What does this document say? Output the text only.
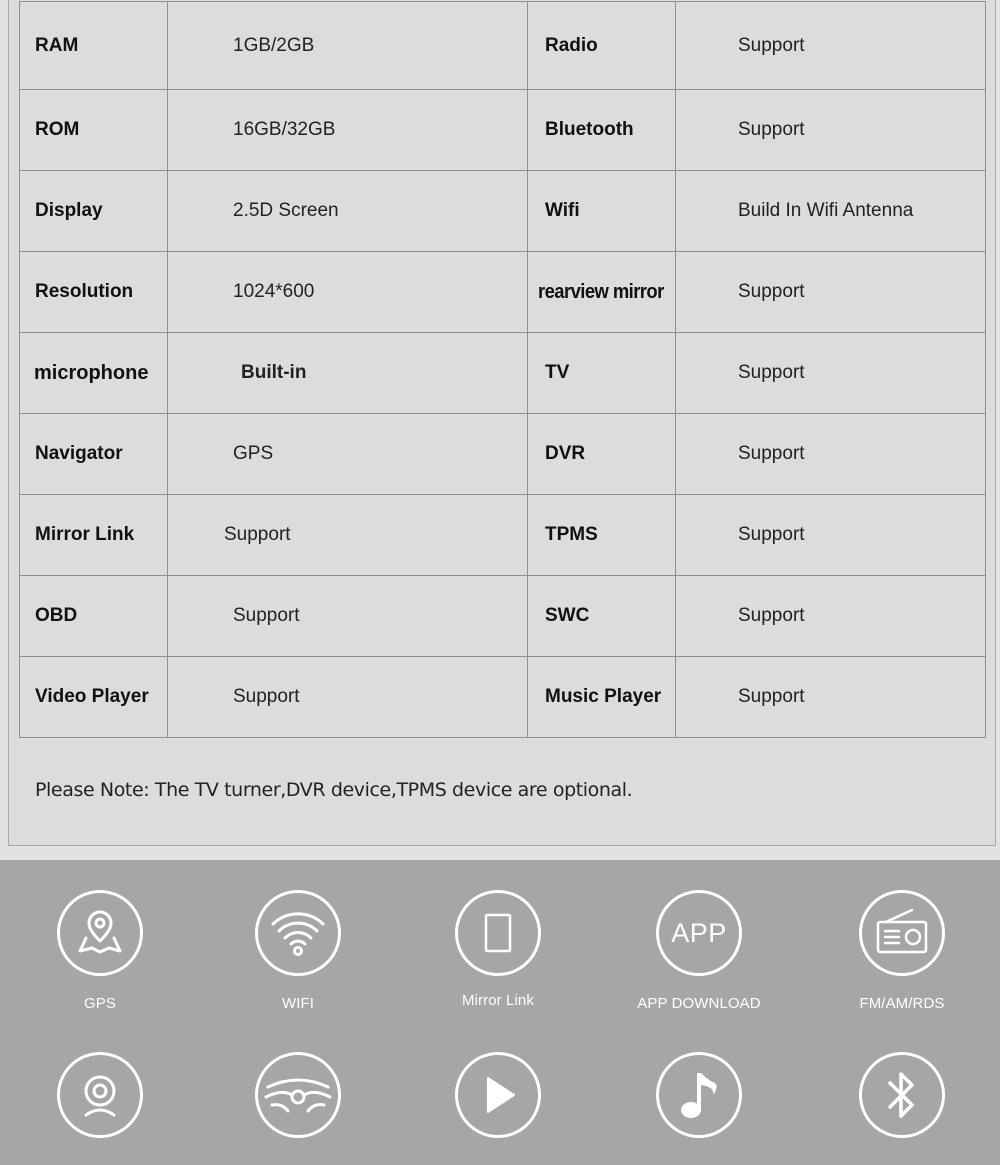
RAM	1GB/2GB	Radio	Support
ROM	16GB/32GB	Bluetooth	Support
Display	2.5D Screen	Wifi	Build In Wifi Antenna
Resolution	1024*600	rearview mirror	Support
microphone	Built-in	TV	Support
Navigator	GPS	DVR	Support
Mirror Link	Support	TPMS	Support
OBD	Support	SWC	Support
Video Player	Support	Music Player	Support
Please Note: The TV turner,DVR device,TPMS device are optional.
GPS	WIFI	Mirror Link
APP
APP DOWNLOAD	FM/AM/RDS
